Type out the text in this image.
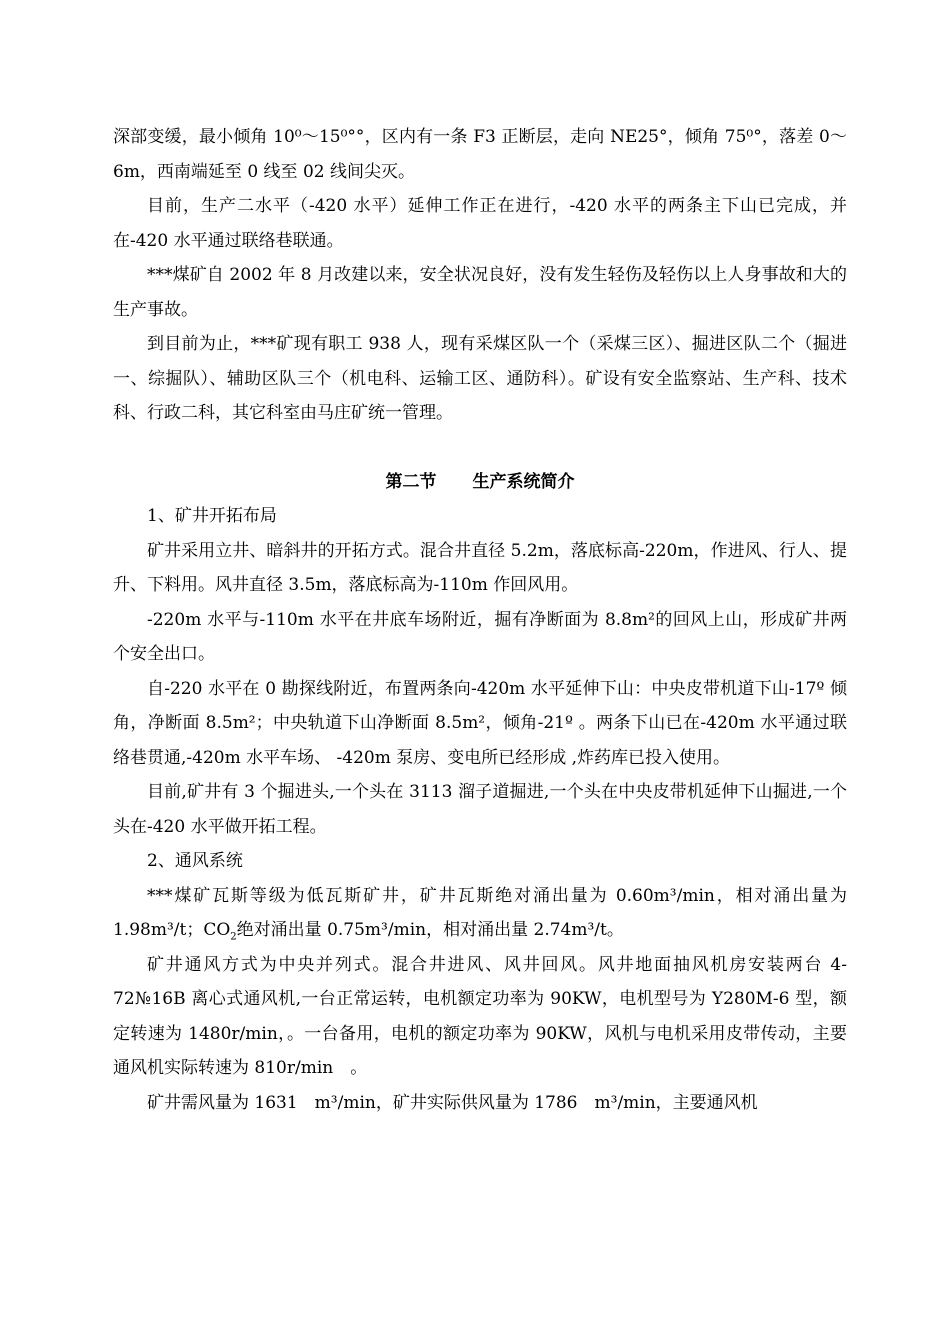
深部变缓，最小倾角 10⁰～15⁰°°，区内有一条 F3 正断层，走向 NE25°，倾角 75⁰°，落差 0～6m，西南端延至 0 线至 02 线间尖灭。

目前，生产二水平（-420 水平）延伸工作正在进行，-420 水平的两条主下山已完成，并在-420 水平通过联络巷联通。

***煤矿自 2002 年 8 月改建以来，安全状况良好，没有发生轻伤及轻伤以上人身事故和大的生产事故。

到目前为止，***矿现有职工 938 人，现有采煤区队一个（采煤三区）、掘进区队二个（掘进一、综掘队）、辅助区队三个（机电科、运输工区、通防科）。矿设有安全监察站、生产科、技术科、行政二科，其它科室由马庄矿统一管理。

第二节 生产系统简介

1、矿井开拓布局

矿井采用立井、暗斜井的开拓方式。混合井直径 5.2m，落底标高-220m，作进风、行人、提升、下料用。风井直径 3.5m，落底标高为-110m 作回风用。

-220m 水平与-110m 水平在井底车场附近，掘有净断面为 8.8m²的回风上山，形成矿井两个安全出口。

自-220 水平在 0 勘探线附近，布置两条向-420m 水平延伸下山：中央皮带机道下山-17º 倾角，净断面 8.5m²；中央轨道下山净断面 8.5m²，倾角-21º 。两条下山已在-420m 水平通过联络巷贯通,-420m 水平车场、 -420m 泵房、变电所已经形成 ,炸药库已投入使用。

目前,矿井有 3 个掘进头,一个头在 3113 溜子道掘进,一个头在中央皮带机延伸下山掘进,一个头在-420 水平做开拓工程。

2、通风系统

***煤矿瓦斯等级为低瓦斯矿井，矿井瓦斯绝对涌出量为 0.60m³/min，相对涌出量为 1.98m³/t；$CO_2$绝对涌出量 0.75m³/min，相对涌出量 2.74m³/t。

矿井通风方式为中央并列式。混合井进风、风井回风。风井地面抽风机房安装两台 4-72№16B 离心式通风机,一台正常运转，电机额定功率为 90KW，电机型号为 Y280M-6 型，额定转速为 1480r/min，。一台备用，电机的额定功率为 90KW，风机与电机采用皮带传动，主要通风机实际转速为 810r/min　。

矿井需风量为 1631　m³/min，矿井实际供风量为 1786　m³/min，主要通风机
